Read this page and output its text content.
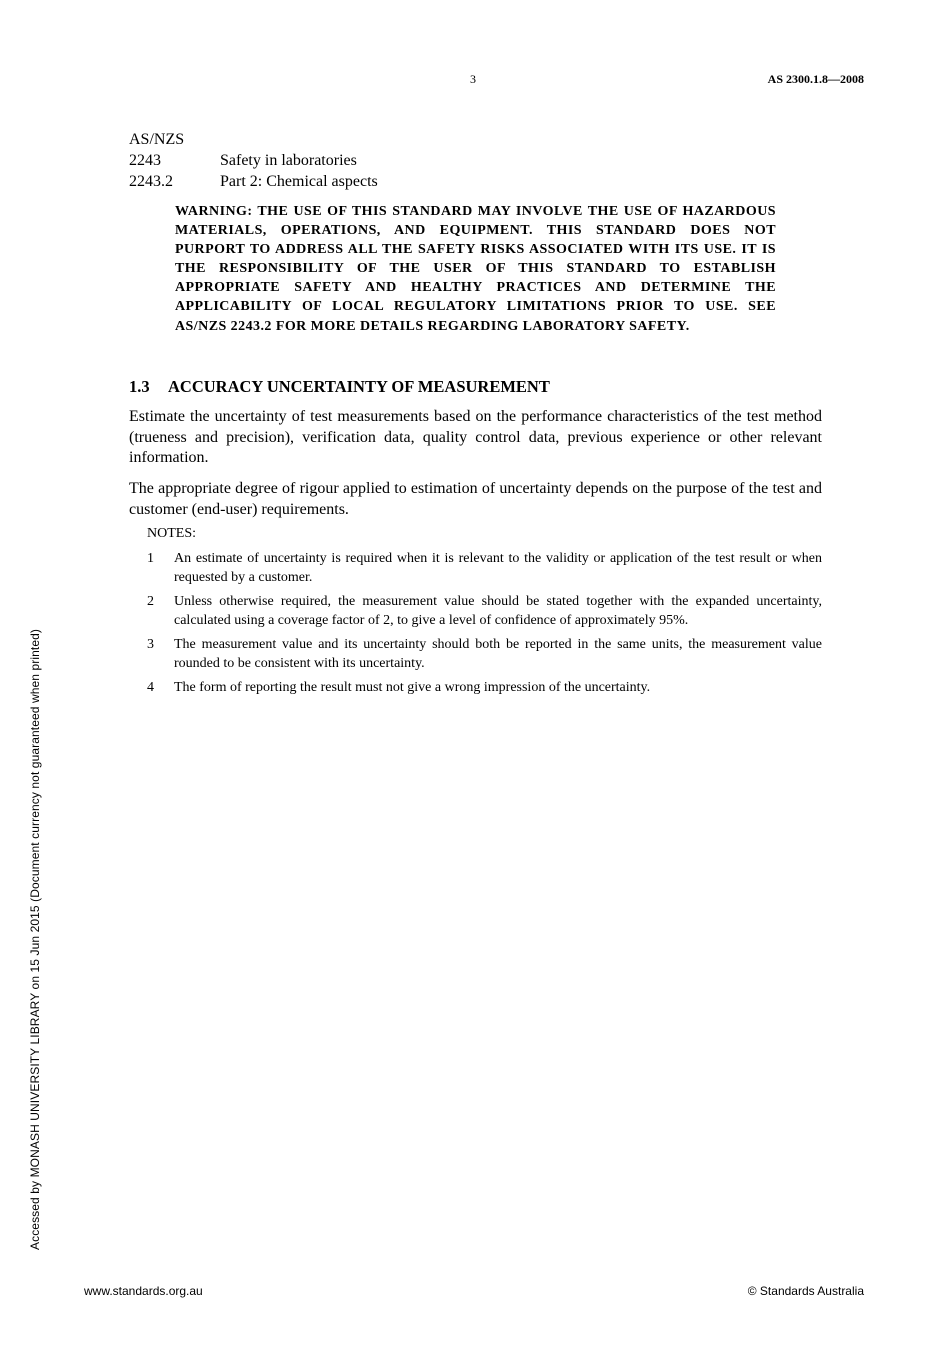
3	AS 2300.1.8—2008
AS/NZS
2243	Safety in laboratories
2243.2	Part 2: Chemical aspects
WARNING: THE USE OF THIS STANDARD MAY INVOLVE THE USE OF HAZARDOUS MATERIALS, OPERATIONS, AND EQUIPMENT. THIS STANDARD DOES NOT PURPORT TO ADDRESS ALL THE SAFETY RISKS ASSOCIATED WITH ITS USE. IT IS THE RESPONSIBILITY OF THE USER OF THIS STANDARD TO ESTABLISH APPROPRIATE SAFETY AND HEALTHY PRACTICES AND DETERMINE THE APPLICABILITY OF LOCAL REGULATORY LIMITATIONS PRIOR TO USE. SEE AS/NZS 2243.2 FOR MORE DETAILS REGARDING LABORATORY SAFETY.
1.3 ACCURACY UNCERTAINTY OF MEASUREMENT
Estimate the uncertainty of test measurements based on the performance characteristics of the test method (trueness and precision), verification data, quality control data, previous experience or other relevant information.
The appropriate degree of rigour applied to estimation of uncertainty depends on the purpose of the test and customer (end-user) requirements.
NOTES:
1	An estimate of uncertainty is required when it is relevant to the validity or application of the test result or when requested by a customer.
2	Unless otherwise required, the measurement value should be stated together with the expanded uncertainty, calculated using a coverage factor of 2, to give a level of confidence of approximately 95%.
3	The measurement value and its uncertainty should both be reported in the same units, the measurement value rounded to be consistent with its uncertainty.
4	The form of reporting the result must not give a wrong impression of the uncertainty.
Accessed by MONASH UNIVERSITY LIBRARY on 15 Jun 2015 (Document currency not guaranteed when printed)
www.standards.org.au	© Standards Australia
